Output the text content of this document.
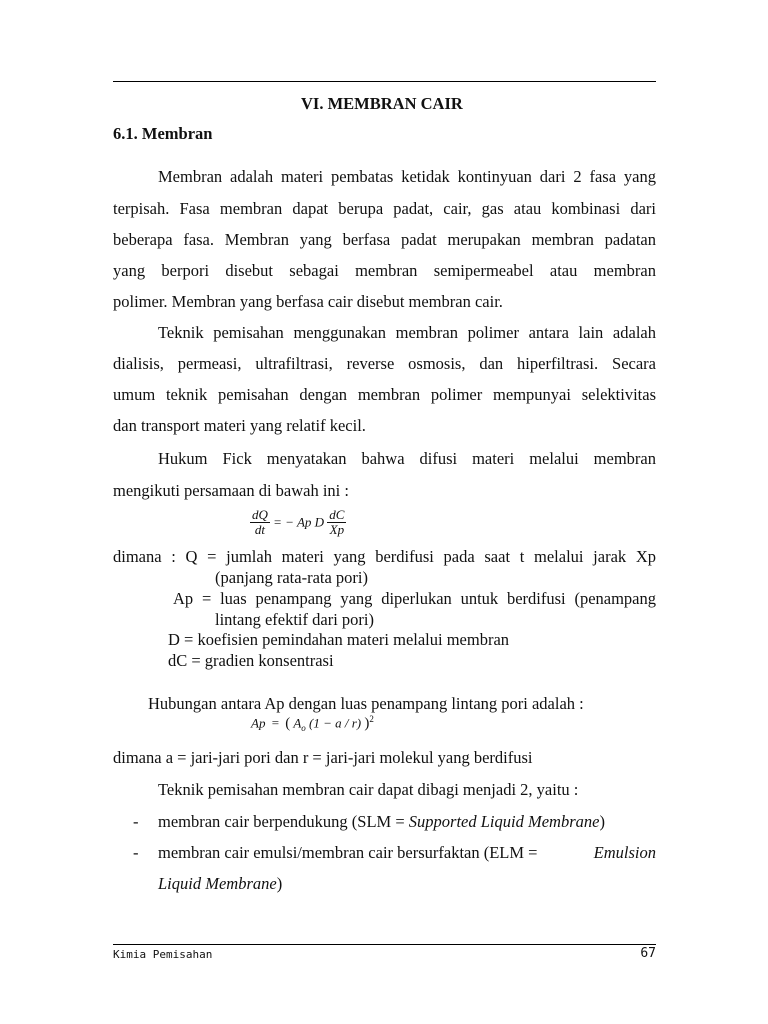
VI. MEMBRAN CAIR
6.1. Membran
Membran adalah materi pembatas ketidak kontinyuan dari 2 fasa yang
terpisah. Fasa membran dapat berupa padat, cair, gas atau kombinasi dari
beberapa fasa. Membran yang berfasa padat merupakan membran padatan
yang berpori disebut sebagai membran semipermeabel atau membran
polimer. Membran yang berfasa cair disebut membran cair.
Teknik pemisahan menggunakan membran polimer antara lain adalah
dialisis, permeasi, ultrafiltrasi, reverse osmosis, dan hiperfiltrasi. Secara
umum teknik pemisahan dengan membran polimer mempunyai selektivitas
dan transport materi yang relatif kecil.
Hukum Fick menyatakan bahwa difusi materi melalui membran
mengikuti persamaan di bawah ini :
$\frac{dQ}{dt}$ = − Ap D $\frac{dC}{Xp}$
dimana : Q = jumlah materi yang berdifusi pada saat t melalui jarak Xp
(panjang rata-rata pori)
Ap = luas penampang yang diperlukan untuk berdifusi (penampang
lintang efektif dari pori)
D = koefisien pemindahan materi melalui membran
dC = gradien konsentrasi
Hubungan antara Ap dengan luas penampang lintang pori adalah :
Ap = ( $A_o$ (1 − a / r) )$^2$
dimana a = jari-jari pori dan r = jari-jari molekul yang berdifusi
Teknik pemisahan membran cair dapat dibagi menjadi 2, yaitu :
- membran cair berpendukung (SLM = Supported Liquid Membrane)
- membran cair emulsi/membran cair bersurfaktan (ELM =	Emulsion
Liquid Membrane)
Kimia Pemisahan	67
